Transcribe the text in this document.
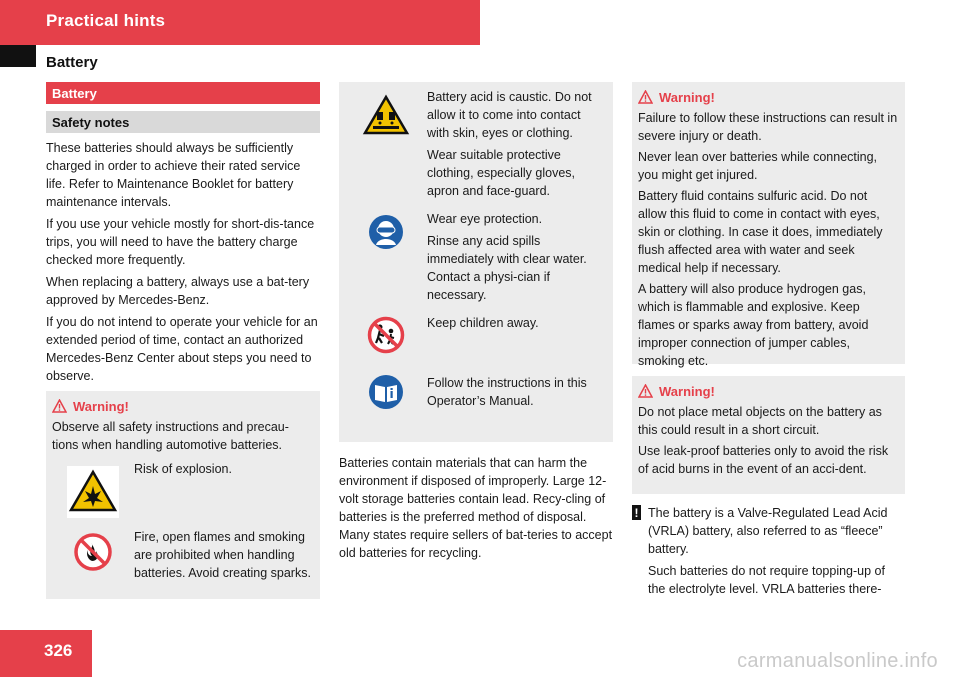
Practical hints
Battery
Battery
Safety notes

These batteries should always be sufficiently charged in order to achieve their rated service life. Refer to Maintenance Booklet for battery maintenance intervals.

If you use your vehicle mostly for short-dis-tance trips, you will need to have the battery charge checked more frequently.

When replacing a battery, always use a bat-tery approved by Mercedes-Benz.

If you do not intend to operate your vehicle for an extended period of time, contact an authorized Mercedes-Benz Center about steps you need to observe.

Warning!

Observe all safety instructions and precau-tions when handling automotive batteries.

Risk of explosion.

Fire, open flames and smoking are prohibited when handling batteries. Avoid creating sparks.

Battery acid is caustic. Do not allow it to come into contact with skin, eyes or clothing.

Wear suitable protective clothing, especially gloves, apron and face-guard.

Wear eye protection.

Rinse any acid spills immediately with clear water. Contact a physi-cian if necessary.

Keep children away.

Follow the instructions in this Operator’s Manual.

Batteries contain materials that can harm the environment if disposed of improperly. Large 12-volt storage batteries contain lead. Recy-cling of batteries is the preferred method of disposal. Many states require sellers of bat-teries to accept old batteries for recycling.

Warning!

Failure to follow these instructions can result in severe injury or death.

Never lean over batteries while connecting, you might get injured.

Battery fluid contains sulfuric acid. Do not allow this fluid to come in contact with eyes, skin or clothing. In case it does, immediately flush affected area with water and seek medical help if necessary.

A battery will also produce hydrogen gas, which is flammable and explosive. Keep flames or sparks away from battery, avoid improper connection of jumper cables, smoking etc.

Warning!

Do not place metal objects on the battery as this could result in a short circuit.

Use leak-proof batteries only to avoid the risk of acid burns in the event of an acci-dent.

! The battery is a Valve-Regulated Lead Acid (VRLA) battery, also referred to as “fleece” battery.

Such batteries do not require topping-up of the electrolyte level. VRLA batteries there-

326	carmanualsonline.info
